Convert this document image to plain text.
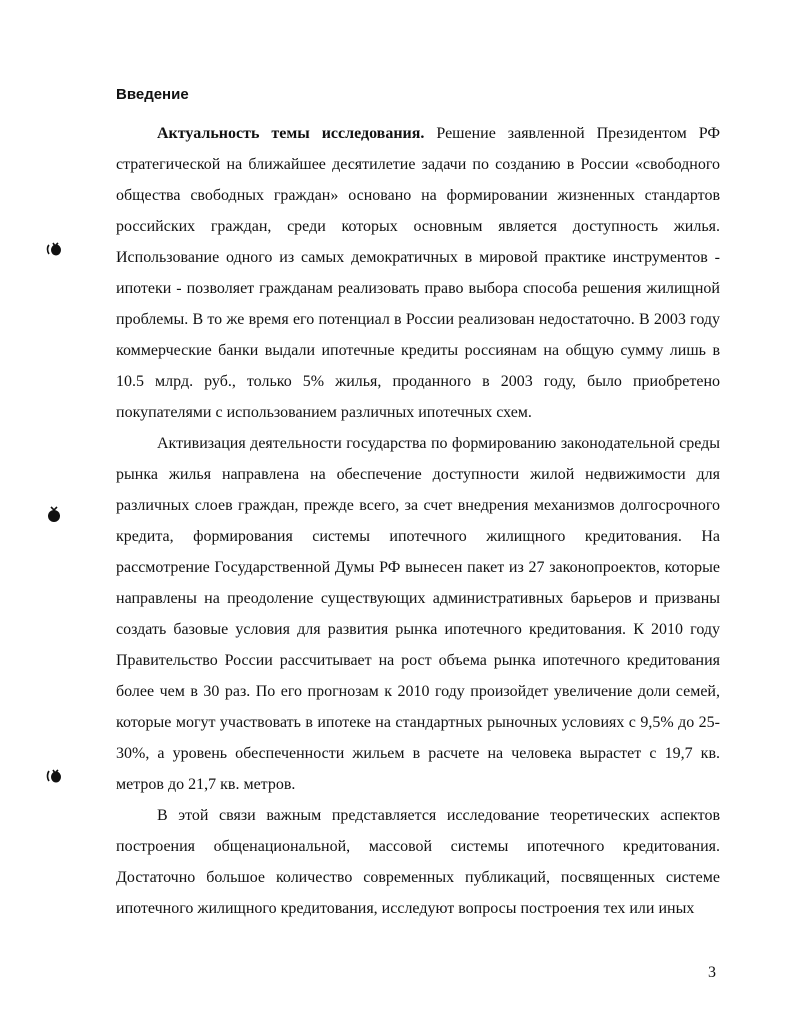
Введение

Актуальность темы исследования. Решение заявленной Президентом РФ стратегической на ближайшее десятилетие задачи по созданию в России «свободного общества свободных граждан» основано на формировании жизненных стандартов российских граждан, среди которых основным является доступность жилья. Использование одного из самых демократичных в мировой практике инструментов - ипотеки - позволяет гражданам реализовать право выбора способа решения жилищной проблемы. В то же время его потенциал в России реализован недостаточно. В 2003 году коммерческие банки выдали ипотечные кредиты россиянам на общую сумму лишь в 10.5 млрд. руб., только 5% жилья, проданного в 2003 году, было приобретено покупателями с использованием различных ипотечных схем.

Активизация деятельности государства по формированию законодательной среды рынка жилья направлена на обеспечение доступности жилой недвижимости для различных слоев граждан, прежде всего, за счет внедрения механизмов долгосрочного кредита, формирования системы ипотечного жилищного кредитования. На рассмотрение Государственной Думы РФ вынесен пакет из 27 законопроектов, которые направлены на преодоление существующих административных барьеров и призваны создать базовые условия для развития рынка ипотечного кредитования. К 2010 году Правительство России рассчитывает на рост объема рынка ипотечного кредитования более чем в 30 раз. По его прогнозам к 2010 году произойдет увеличение доли семей, которые могут участвовать в ипотеке на стандартных рыночных условиях с 9,5% до 25-30%, а уровень обеспеченности жильем в расчете на человека вырастет с 19,7 кв. метров до 21,7 кв. метров.

В этой связи важным представляется исследование теоретических аспектов построения общенациональной, массовой системы ипотечного кредитования. Достаточно большое количество современных публикаций, посвященных системе ипотечного жилищного кредитования, исследуют вопросы построения тех или иных

3
